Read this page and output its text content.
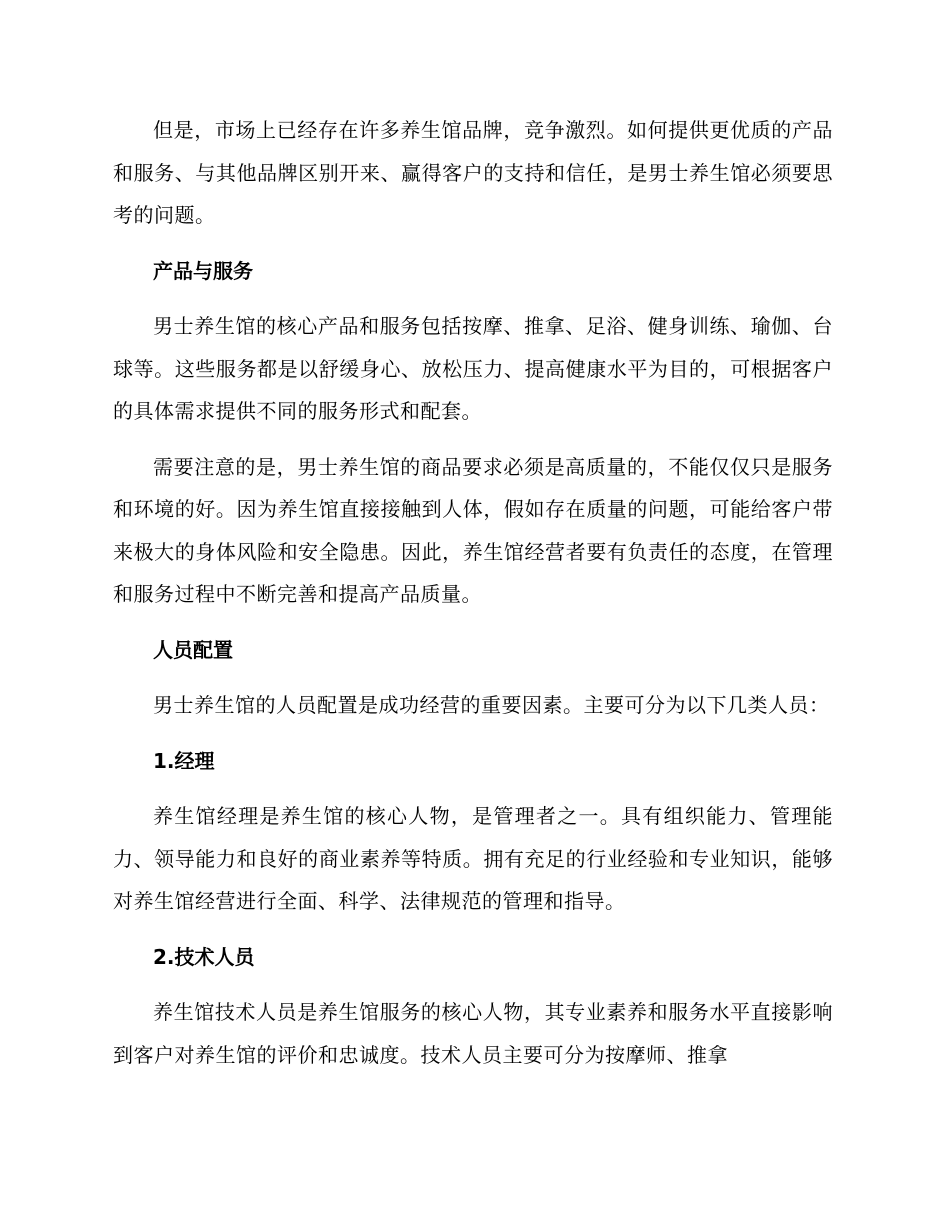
但是，市场上已经存在许多养生馆品牌，竞争激烈。如何提供更优质的产品和服务、与其他品牌区别开来、赢得客户的支持和信任，是男士养生馆必须要思考的问题。

产品与服务

男士养生馆的核心产品和服务包括按摩、推拿、足浴、健身训练、瑜伽、台球等。这些服务都是以舒缓身心、放松压力、提高健康水平为目的，可根据客户的具体需求提供不同的服务形式和配套。

需要注意的是，男士养生馆的商品要求必须是高质量的，不能仅仅只是服务和环境的好。因为养生馆直接接触到人体，假如存在质量的问题，可能给客户带来极大的身体风险和安全隐患。因此，养生馆经营者要有负责任的态度，在管理和服务过程中不断完善和提高产品质量。

人员配置

男士养生馆的人员配置是成功经营的重要因素。主要可分为以下几类人员：

1.经理

养生馆经理是养生馆的核心人物，是管理者之一。具有组织能力、管理能力、领导能力和良好的商业素养等特质。拥有充足的行业经验和专业知识，能够对养生馆经营进行全面、科学、法律规范的管理和指导。

2.技术人员

养生馆技术人员是养生馆服务的核心人物，其专业素养和服务水平直接影响到客户对养生馆的评价和忠诚度。技术人员主要可分为按摩师、推拿
